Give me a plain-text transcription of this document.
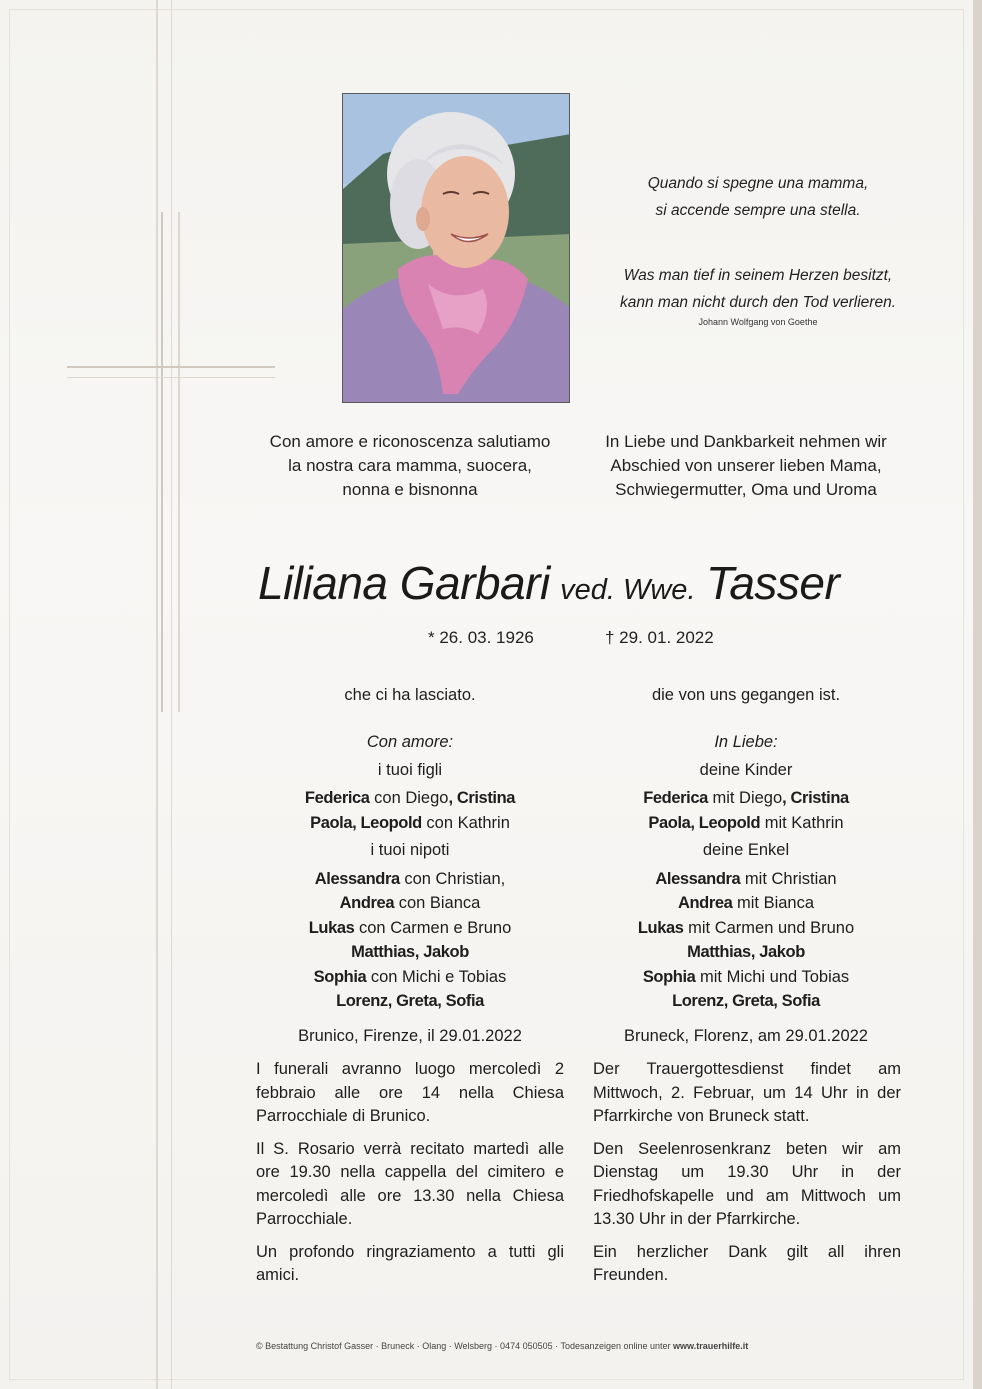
Quando si spegne una mamma,
si accende sempre una stella.
Was man tief in seinem Herzen besitzt,
kann man nicht durch den Tod verlieren.
Johann Wolfgang von Goethe
Con amore e riconoscenza salutiamo
la nostra cara mamma, suocera,
nonna e bisnonna
In Liebe und Dankbarkeit nehmen wir
Abschied von unserer lieben Mama,
Schwiegermutter, Oma und Uroma
Liliana Garbari ved. Wwe. Tasser
* 26. 03. 1926	† 29. 01. 2022
che ci ha lasciato.	die von uns gegangen ist.
Con amore:
i tuoi figli
Federica con Diego, Cristina
Paola, Leopold con Kathrin
i tuoi nipoti
Alessandra con Christian,
Andrea con Bianca
Lukas con Carmen e Bruno
Matthias, Jakob
Sophia con Michi e Tobias
Lorenz, Greta, Sofia
Brunico, Firenze, il 29.01.2022
In Liebe:
deine Kinder
Federica mit Diego, Cristina
Paola, Leopold mit Kathrin
deine Enkel
Alessandra mit Christian
Andrea mit Bianca
Lukas mit Carmen und Bruno
Matthias, Jakob
Sophia mit Michi und Tobias
Lorenz, Greta, Sofia
Bruneck, Florenz, am 29.01.2022

I funerali avranno luogo mercoledì 2 febbraio alle ore 14 nella Chiesa Parrocchiale di Brunico.

Il S. Rosario verrà recitato martedì alle ore 19.30 nella cappella del cimitero e mercoledì alle ore 13.30 nella Chiesa Parrocchiale.

Un profondo ringraziamento a tutti gli amici.

Der Trauergottesdienst findet am Mittwoch, 2. Februar, um 14 Uhr in der Pfarrkirche von Bruneck statt.

Den Seelenrosenkranz beten wir am Dienstag um 19.30 Uhr in der Friedhofskapelle und am Mittwoch um 13.30 Uhr in der Pfarrkirche.

Ein herzlicher Dank gilt all ihren Freunden.

© Bestattung Christof Gasser · Bruneck · Olang · Welsberg · 0474 050505 · Todesanzeigen online unter www.trauerhilfe.it
